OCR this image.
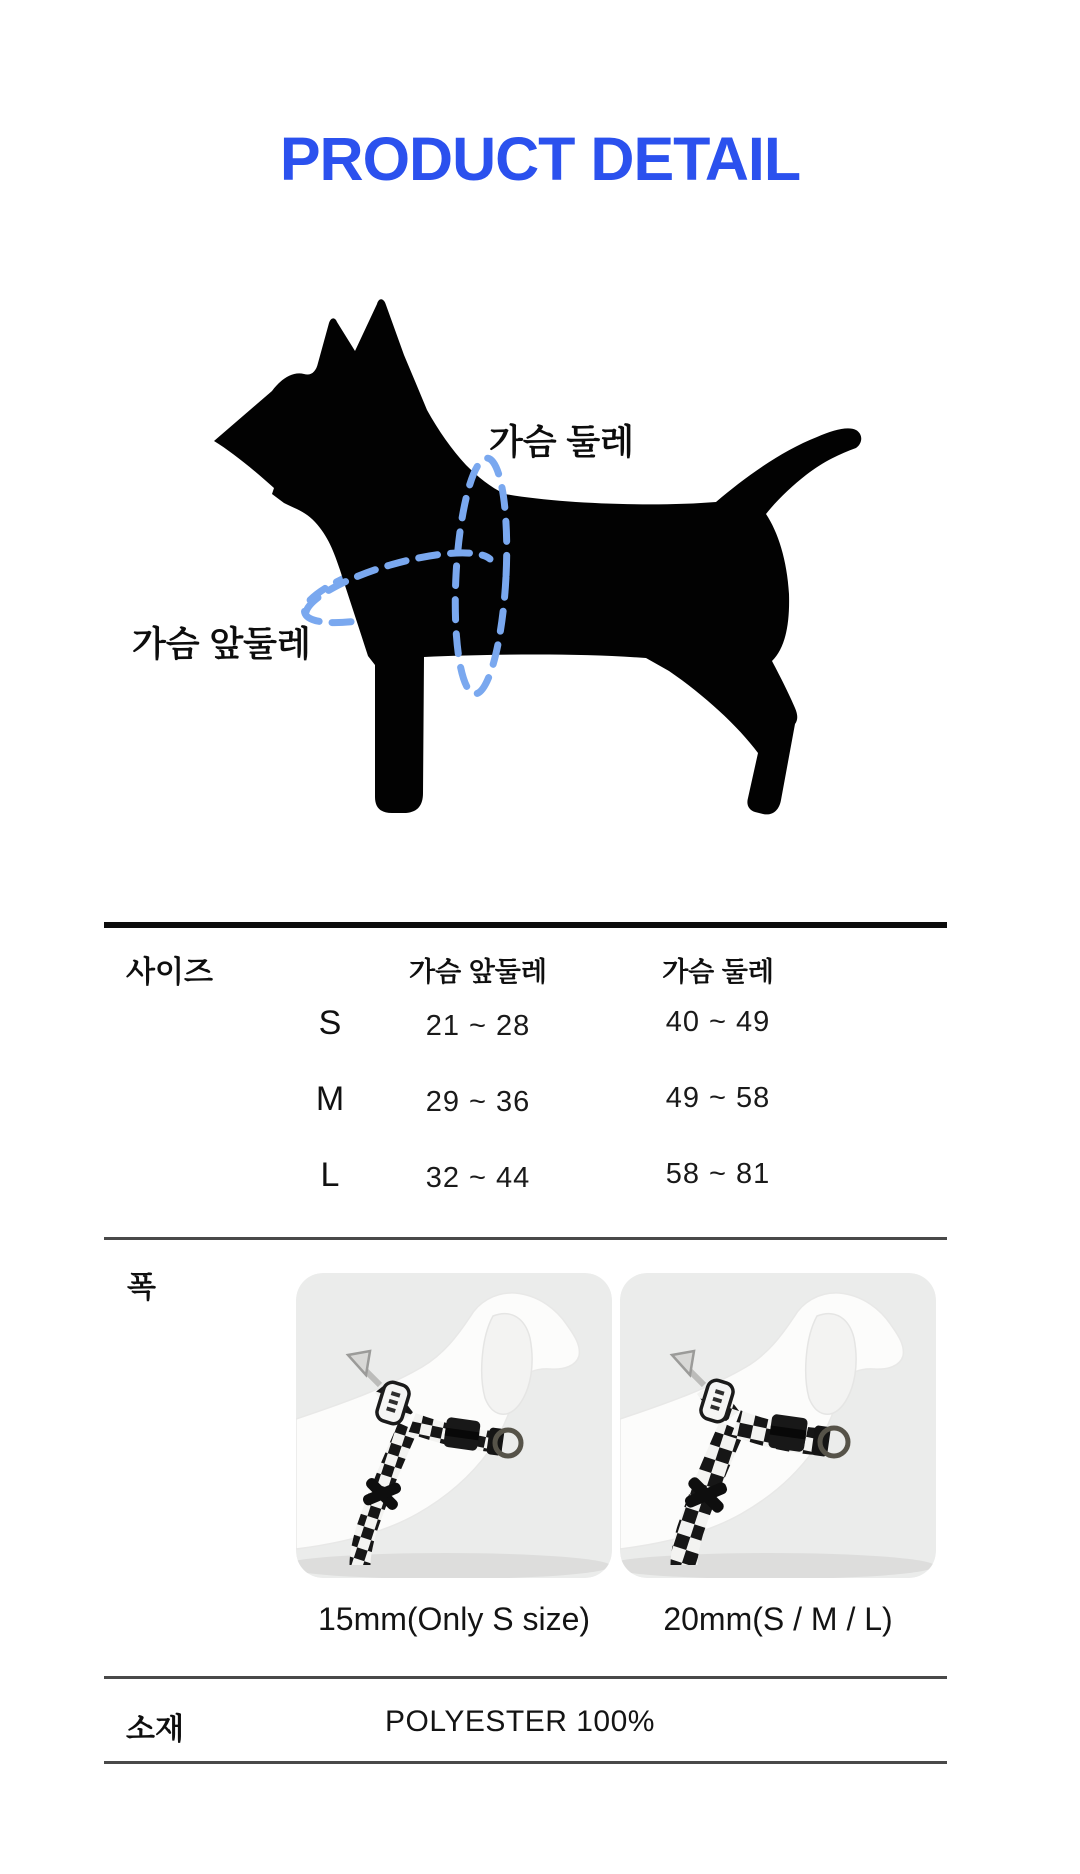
PRODUCT DETAIL
가슴 둘레
가슴 앞둘레
사이즈	가슴 앞둘레	가슴 둘레
S	21 ~ 28	40 ~ 49
M	29 ~ 36	49 ~ 58
L	32 ~ 44	58 ~ 81
폭
15mm(Only S size)	20mm(S / M / L)
소재	POLYESTER 100%
